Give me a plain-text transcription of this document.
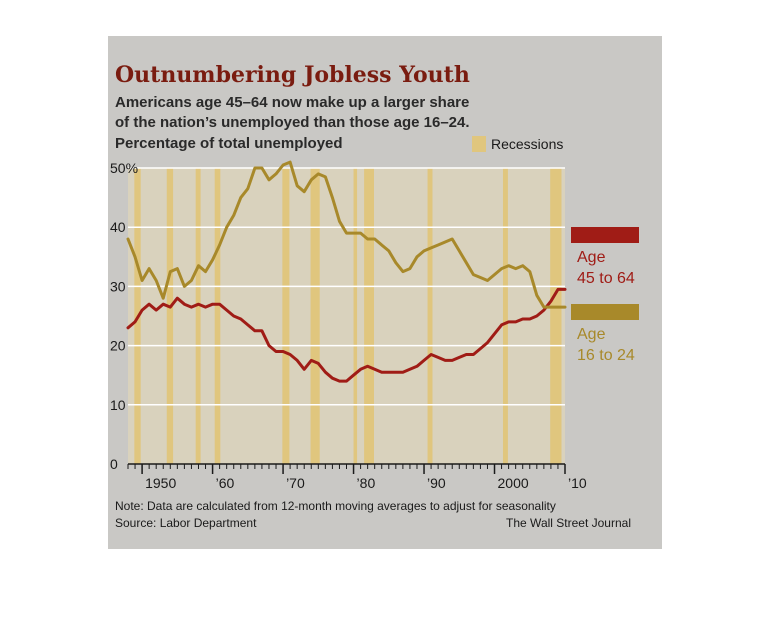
Outnumbering Jobless Youth
Americans age 45–64 now make up a larger share
of the nation’s unemployed than those age 16–24.
Percentage of total unemployed	Recessions
50%
40
30
20
10
0
1950	’60	’70	’80	’90	2000	’10
Age
45 to 64
Age
16 to 24
Note: Data are calculated from 12-month moving averages to adjust for seasonality
Source: Labor Department	The Wall Street Journal
